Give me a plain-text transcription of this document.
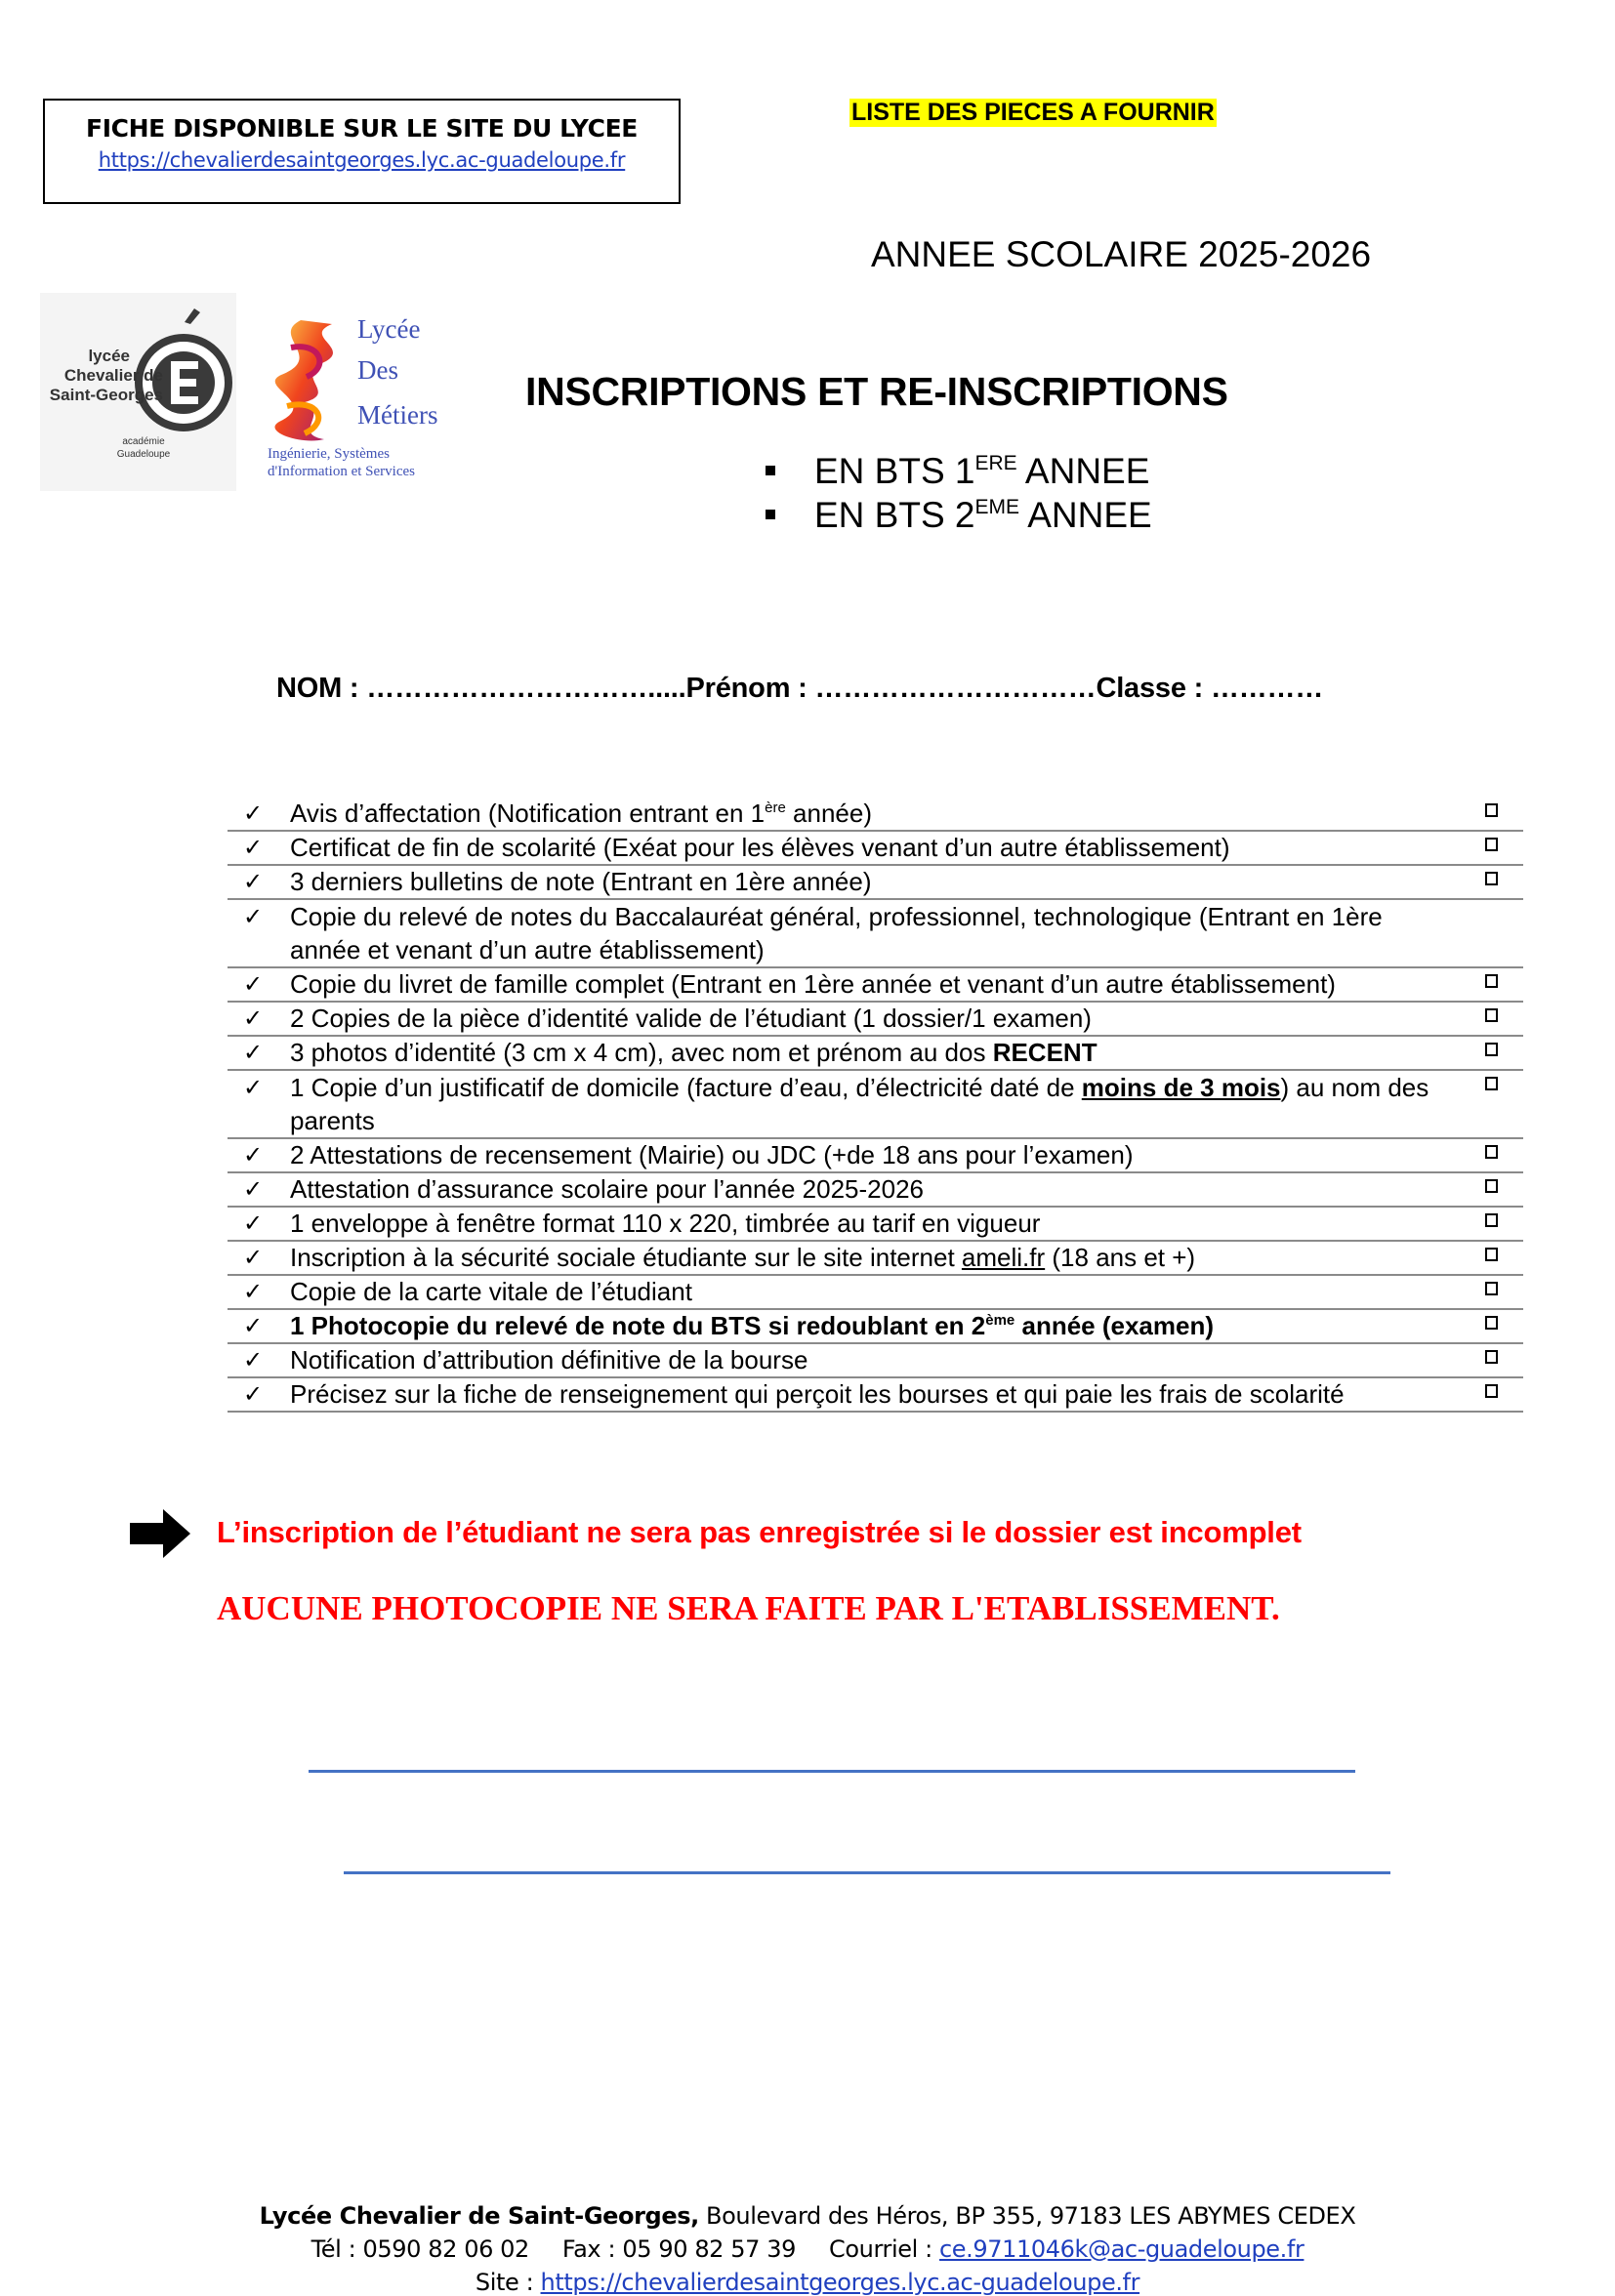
FICHE DISPONIBLE SUR LE SITE DU LYCEE
https://chevalierdesaintgeorges.lyc.ac-guadeloupe.fr
LISTE DES PIECES A FOURNIR
ANNEE SCOLAIRE 2025-2026
lycée
Chevalier de
Saint-Georges
académie
Guadeloupe
Lycée
Des
Métiers
Ingénierie, Systèmes
d'Information et Services
INSCRIPTIONS ET RE-INSCRIPTIONS
EN BTS 1ERE ANNEE
EN BTS 2EME ANNEE
NOM : ………………………….....Prénom : …………………………Classe : …………
✓ Avis d’affectation (Notification entrant en 1ère année)
✓ Certificat de fin de scolarité (Exéat pour les élèves venant d’un autre établissement)
✓ 3 derniers bulletins de note (Entrant en 1ère année)
✓ Copie du relevé de notes du Baccalauréat général, professionnel, technologique (Entrant en 1ère année et venant d’un autre établissement)
✓ Copie du livret de famille complet (Entrant en 1ère année et venant d’un autre établissement)
✓ 2 Copies de la pièce d’identité valide de l’étudiant (1 dossier/1 examen)
✓ 3 photos d’identité (3 cm x 4 cm), avec nom et prénom au dos RECENT
✓ 1 Copie d’un justificatif de domicile (facture d’eau, d’électricité daté de moins de 3 mois) au nom des parents
✓ 2 Attestations de recensement (Mairie) ou JDC (+de 18 ans pour l’examen)
✓ Attestation d’assurance scolaire pour l’année 2025-2026
✓ 1 enveloppe à fenêtre format 110 x 220, timbrée au tarif en vigueur
✓ Inscription à la sécurité sociale étudiante sur le site internet ameli.fr (18 ans et +)
✓ Copie de la carte vitale de l’étudiant
✓ 1 Photocopie du relevé de note du BTS si redoublant en 2ème année (examen)
✓ Notification d’attribution définitive de la bourse
✓ Précisez sur la fiche de renseignement qui perçoit les bourses et qui paie les frais de scolarité
L’inscription de l’étudiant ne sera pas enregistrée si le dossier est incomplet
AUCUNE PHOTOCOPIE NE SERA FAITE PAR L'ETABLISSEMENT.
Lycée Chevalier de Saint-Georges, Boulevard des Héros, BP 355, 97183 LES ABYMES CEDEX
Tél : 0590 82 06 02 Fax : 05 90 82 57 39 Courriel : ce.9711046k@ac-guadeloupe.fr
Site : https://chevalierdesaintgeorges.lyc.ac-guadeloupe.fr
